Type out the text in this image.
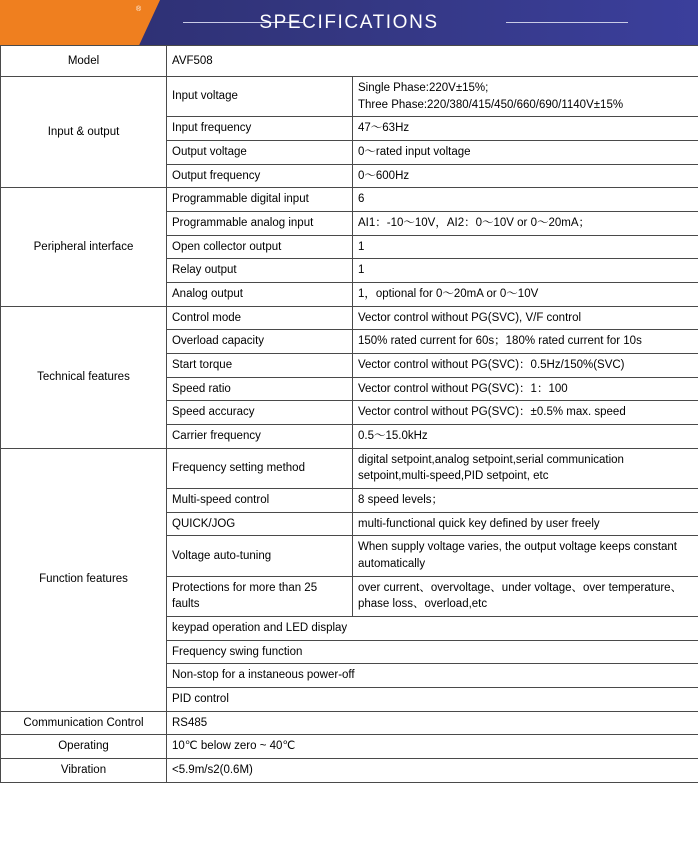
®
SPECIFICATIONS
Model	AVF508	
Input & output	Input voltage	Single Phase:220V±15%;
Three Phase:220/380/415/450/660/690/1140V±15%
	Input frequency	47～63Hz
	Output voltage	0～rated input voltage
	Output frequency	0～600Hz
Peripheral interface	Programmable digital input	6
	Programmable analog input	AI1：-10～10V，AI2：0～10V or 0～20mA；
	Open collector output	1
	Relay output	1
	Analog output	1，optional for 0～20mA or 0～10V
Technical features	Control mode	Vector control without PG(SVC), V/F control
	Overload capacity	150% rated current for 60s；180% rated current for 10s
	Start torque	Vector control without PG(SVC)：0.5Hz/150%(SVC)
	Speed ratio	Vector control without PG(SVC)：1：100
	Speed accuracy	Vector control without PG(SVC)：±0.5% max. speed
	Carrier frequency	0.5～15.0kHz
Function features	Frequency setting method	digital setpoint,analog setpoint,serial communication setpoint,multi-speed,PID setpoint, etc
	Multi-speed control	8 speed levels；
	QUICK/JOG	multi-functional quick key defined by user freely
	Voltage auto-tuning	When supply voltage varies, the output voltage keeps constant automatically
	Protections for more than 25 faults	over current、overvoltage、under voltage、over temperature、phase loss、overload,etc
	keypad operation and LED display	
	Frequency swing function	
	Non-stop for a instaneous power-off	
	PID control	
Communication Control	RS485	
Operating	10℃ below zero ~ 40℃	
Vibration	<5.9m/s2(0.6M)	
